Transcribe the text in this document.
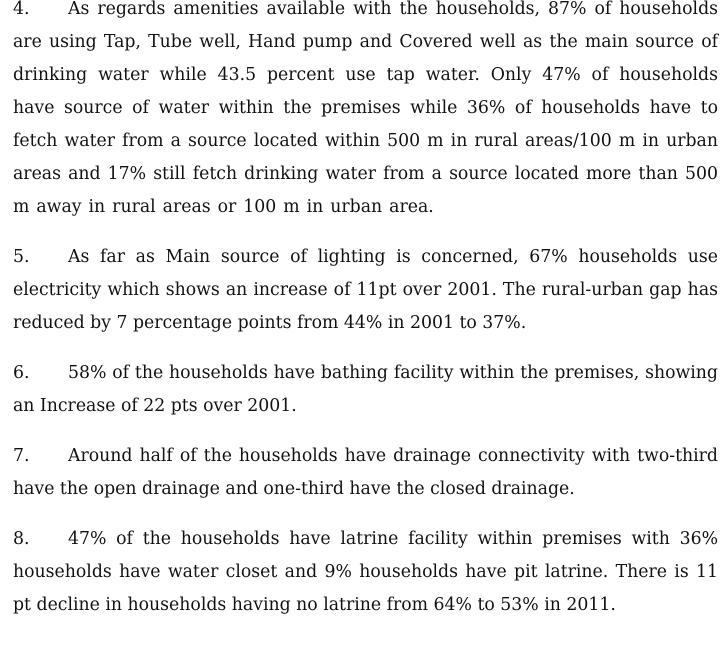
4. As regards amenities available with the households, 87% of households are using Tap, Tube well, Hand pump and Covered well as the main source of drinking water while 43.5 percent use tap water. Only 47% of households have source of water within the premises while 36% of households have to fetch water from a source located within 500 m in rural areas/100 m in urban areas and 17% still fetch drinking water from a source located more than 500 m away in rural areas or 100 m in urban area.

5. As far as Main source of lighting is concerned, 67% households use electricity which shows an increase of 11pt over 2001. The rural-urban gap has reduced by 7 percentage points from 44% in 2001 to 37%.

6. 58% of the households have bathing facility within the premises, showing an Increase of 22 pts over 2001.

7. Around half of the households have drainage connectivity with two-third have the open drainage and one-third have the closed drainage.

8. 47% of the households have latrine facility within premises with 36% households have water closet and 9% households have pit latrine. There is 11 pt decline in households having no latrine from 64% to 53% in 2011.
